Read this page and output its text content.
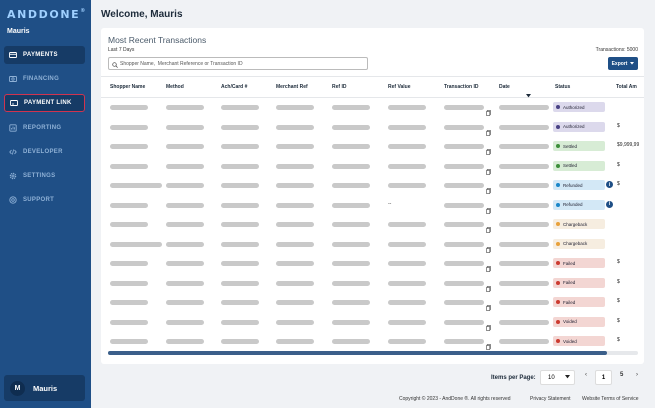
ANDDONE®
Mauris
PAYMENTS
FINANCING
PAYMENT LINK
REPORTING
DEVELOPER
SETTINGS
SUPPORT
M	Mauris
Welcome, Mauris
Most Recent Transactions
Last 7 Days	Transactions: 5000
Shopper Name, Merchant Reference or Transaction ID
Export
Shopper Name	Method	Ach/Card #	Merchant Ref	Ref ID	Ref Value	Transaction ID	Date	Status	Total Am
Authorized
Authorized	$
Settled	$9,999,99
Settled	$
Refunded	i	$
--	Refunded	i
Chargeback
Chargeback
Failed	$
Failed	$
Failed	$
Voided	$
Voided	$
Items per Page: 10	‹	1	5 ›
Copyright © 2023 - AndDone ®. All rights reserved	Privacy Statement Website Terms of Service
